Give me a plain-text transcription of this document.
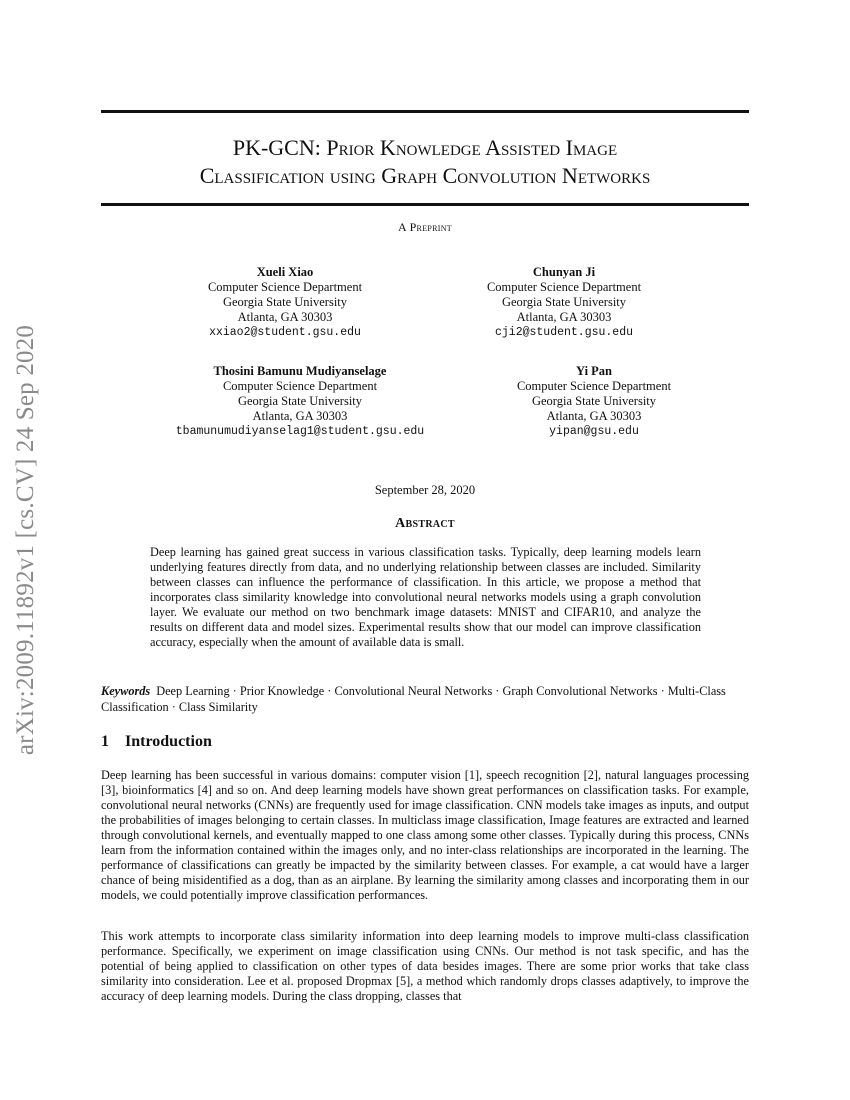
arXiv:2009.11892v1 [cs.CV] 24 Sep 2020
PK-GCN: Prior Knowledge Assisted Image
Classification using Graph Convolution Networks
A Preprint
Xueli Xiao
Computer Science Department
Georgia State University
Atlanta, GA 30303
xxiao2@student.gsu.edu
Chunyan Ji
Computer Science Department
Georgia State University
Atlanta, GA 30303
cji2@student.gsu.edu
Thosini Bamunu Mudiyanselage
Computer Science Department
Georgia State University
Atlanta, GA 30303
tbamunumudiyanselag1@student.gsu.edu
Yi Pan
Computer Science Department
Georgia State University
Atlanta, GA 30303
yipan@gsu.edu
September 28, 2020
Abstract
Deep learning has gained great success in various classification tasks. Typically, deep learning models learn underlying features directly from data, and no underlying relationship between classes are included. Similarity between classes can influence the performance of classification. In this article, we propose a method that incorporates class similarity knowledge into convolutional neural networks models using a graph convolution layer. We evaluate our method on two benchmark image datasets: MNIST and CIFAR10, and analyze the results on different data and model sizes. Experimental results show that our model can improve classification accuracy, especially when the amount of available data is small.
Keywords Deep Learning · Prior Knowledge · Convolutional Neural Networks · Graph Convolutional Networks · Multi-Class Classification · Class Similarity
1 Introduction
Deep learning has been successful in various domains: computer vision [1], speech recognition [2], natural languages processing [3], bioinformatics [4] and so on. And deep learning models have shown great performances on classification tasks. For example, convolutional neural networks (CNNs) are frequently used for image classification. CNN models take images as inputs, and output the probabilities of images belonging to certain classes. In multiclass image classification, Image features are extracted and learned through convolutional kernels, and eventually mapped to one class among some other classes. Typically during this process, CNNs learn from the information contained within the images only, and no inter-class relationships are incorporated in the learning. The performance of classifications can greatly be impacted by the similarity between classes. For example, a cat would have a larger chance of being misidentified as a dog, than as an airplane. By learning the similarity among classes and incorporating them in our models, we could potentially improve classification performances.
This work attempts to incorporate class similarity information into deep learning models to improve multi-class classification performance. Specifically, we experiment on image classification using CNNs. Our method is not task specific, and has the potential of being applied to classification on other types of data besides images. There are some prior works that take class similarity into consideration. Lee et al. proposed Dropmax [5], a method which randomly drops classes adaptively, to improve the accuracy of deep learning models. During the class dropping, classes that
